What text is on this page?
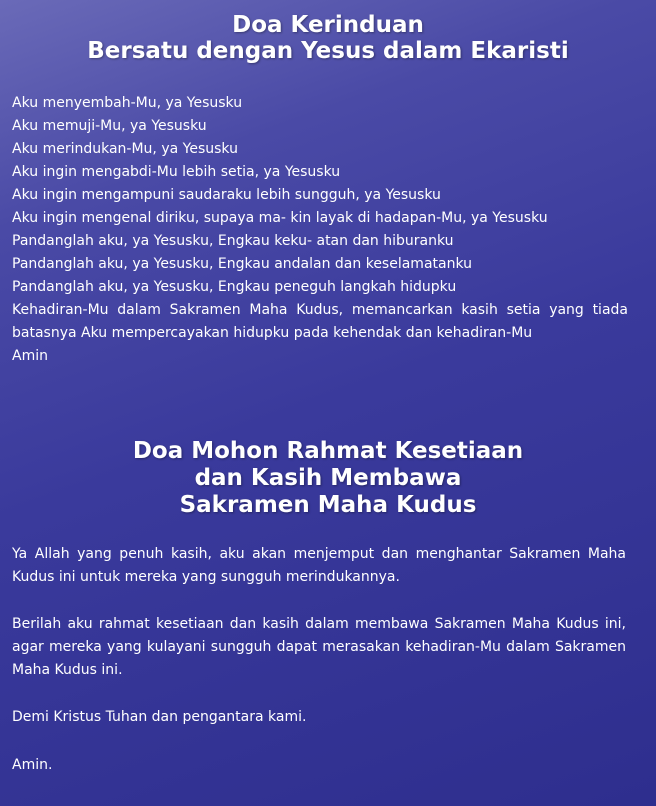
Doa Kerinduan
Bersatu dengan Yesus dalam Ekaristi
Aku menyembah-Mu, ya Yesusku
Aku memuji-Mu, ya Yesusku
Aku merindukan-Mu, ya Yesusku
Aku ingin mengabdi-Mu lebih setia, ya Yesusku
Aku ingin mengampuni saudaraku lebih sungguh, ya Yesusku
Aku ingin mengenal diriku, supaya ma- kin layak di hadapan-Mu, ya Yesusku
Pandanglah aku, ya Yesusku, Engkau keku- atan dan hiburanku
Pandanglah aku, ya Yesusku, Engkau andalan dan keselamatanku
Pandanglah aku, ya Yesusku, Engkau peneguh langkah hidupku
Kehadiran-Mu dalam Sakramen Maha Kudus, memancarkan kasih setia yang tiada batasnya Aku mempercayakan hidupku pada kehendak dan kehadiran-Mu
Amin
Doa Mohon Rahmat Kesetiaan
dan Kasih Membawa
Sakramen Maha Kudus

Ya Allah yang penuh kasih, aku akan menjemput dan menghantar Sakramen Maha Kudus ini untuk mereka yang sungguh merindukannya.

Berilah aku rahmat kesetiaan dan kasih dalam membawa Sakramen Maha Kudus ini, agar mereka yang kulayani sungguh dapat merasakan kehadiran-Mu dalam Sakramen Maha Kudus ini.

Demi Kristus Tuhan dan pengantara kami.

Amin.
